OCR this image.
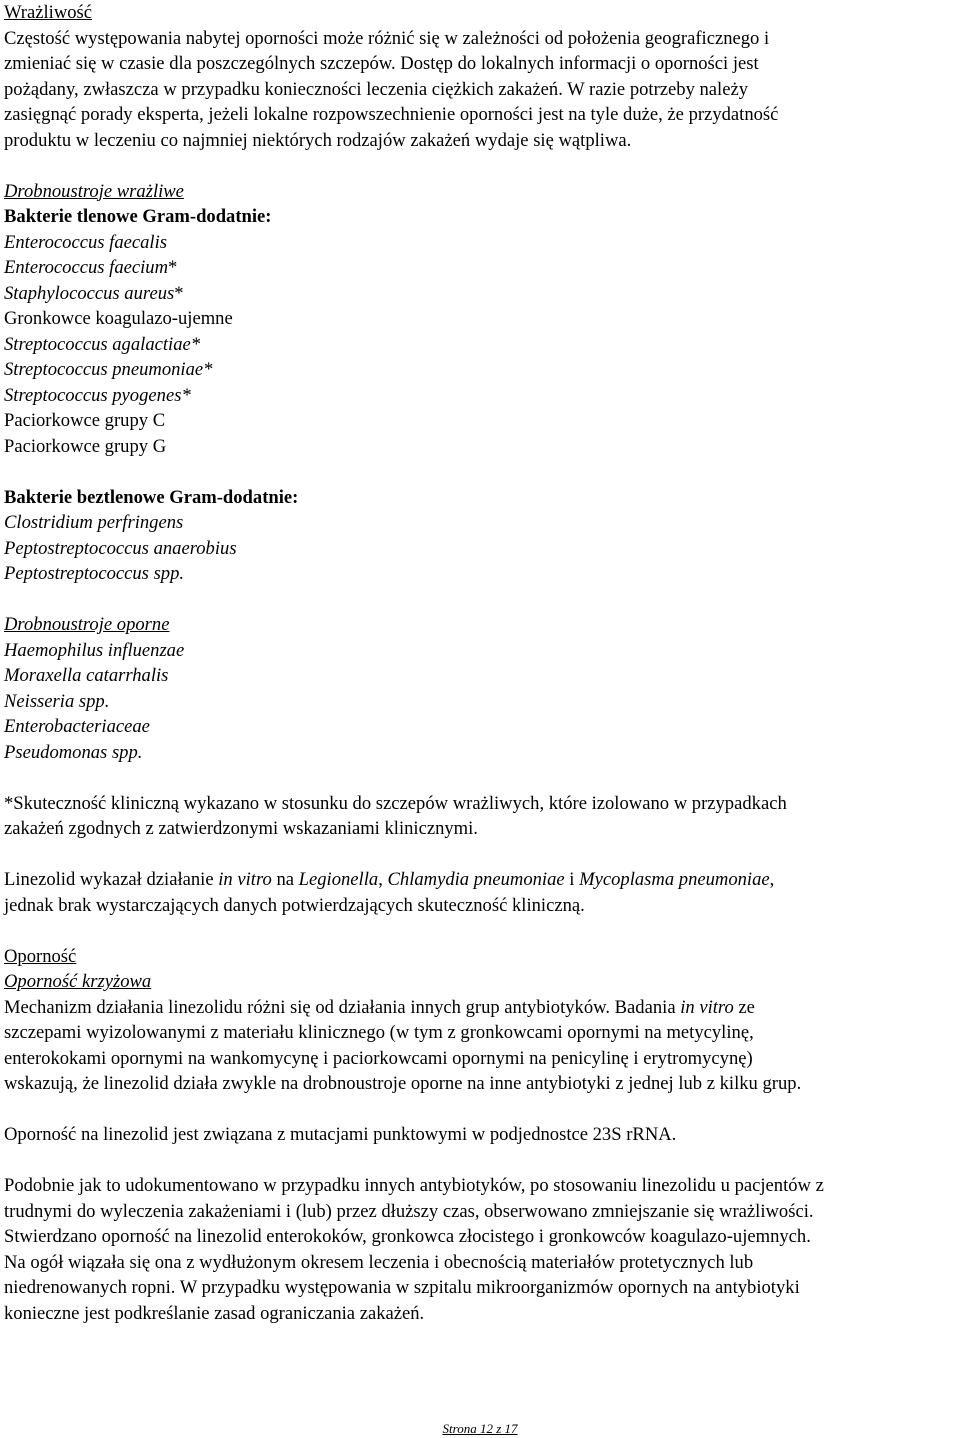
Wrażliwość
Częstość występowania nabytej oporności może różnić się w zależności od położenia geograficznego i
zmieniać się w czasie dla poszczególnych szczepów. Dostęp do lokalnych informacji o oporności jest
pożądany, zwłaszcza w przypadku konieczności leczenia ciężkich zakażeń. W razie potrzeby należy
zasięgnąć porady eksperta, jeżeli lokalne rozpowszechnienie oporności jest na tyle duże, że przydatność
produktu w leczeniu co najmniej niektórych rodzajów zakażeń wydaje się wątpliwa.
Drobnoustroje wrażliwe
Bakterie tlenowe Gram-dodatnie:
Enterococcus faecalis
Enterococcus faecium*
Staphylococcus aureus*
Gronkowce koagulazo-ujemne
Streptococcus agalactiae*
Streptococcus pneumoniae*
Streptococcus pyogenes*
Paciorkowce grupy C
Paciorkowce grupy G
Bakterie beztlenowe Gram-dodatnie:
Clostridium perfringens
Peptostreptococcus anaerobius
Peptostreptococcus spp.
Drobnoustroje oporne
Haemophilus influenzae
Moraxella catarrhalis
Neisseria spp.
Enterobacteriaceae
Pseudomonas spp.
*Skuteczność kliniczną wykazano w stosunku do szczepów wrażliwych, które izolowano w przypadkach
zakażeń zgodnych z zatwierdzonymi wskazaniami klinicznymi.
Linezolid wykazał działanie in vitro na Legionella, Chlamydia pneumoniae i Mycoplasma pneumoniae,
jednak brak wystarczających danych potwierdzających skuteczność kliniczną.
Oporność
Oporność krzyżowa
Mechanizm działania linezolidu różni się od działania innych grup antybiotyków. Badania in vitro ze
szczepami wyizolowanymi z materiału klinicznego (w tym z gronkowcami opornymi na metycylinę,
enterokokami opornymi na wankomycynę i paciorkowcami opornymi na penicylinę i erytromycynę)
wskazują, że linezolid działa zwykle na drobnoustroje oporne na inne antybiotyki z jednej lub z kilku grup.
Oporność na linezolid jest związana z mutacjami punktowymi w podjednostce 23S rRNA.
Podobnie jak to udokumentowano w przypadku innych antybiotyków, po stosowaniu linezolidu u pacjentów z
trudnymi do wyleczenia zakażeniami i (lub) przez dłuższy czas, obserwowano zmniejszanie się wrażliwości.
Stwierdzano oporność na linezolid enterokoków, gronkowca złocistego i gronkowców koagulazo-ujemnych.
Na ogół wiązała się ona z wydłużonym okresem leczenia i obecnością materiałów protetycznych lub
niedrenowanych ropni. W przypadku występowania w szpitalu mikroorganizmów opornych na antybiotyki
konieczne jest podkreślanie zasad ograniczania zakażeń.
Strona 12 z 17
